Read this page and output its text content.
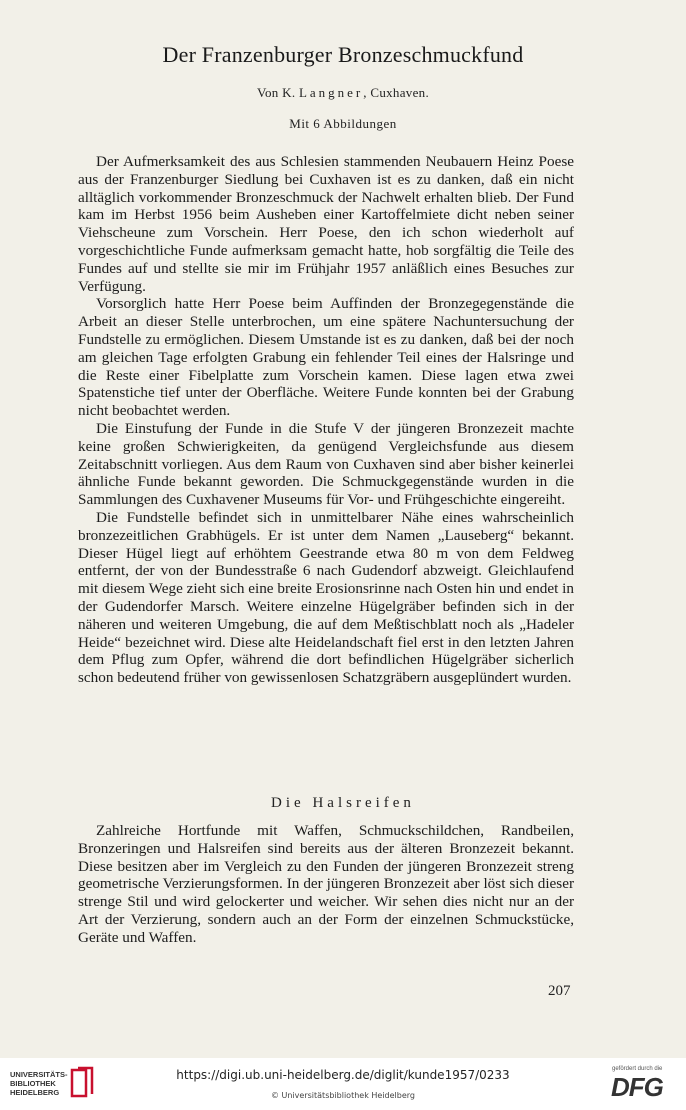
Der Franzenburger Bronzeschmuckfund
Von K. Langner, Cuxhaven.
Mit 6 Abbildungen

Der Aufmerksamkeit des aus Schlesien stammenden Neubauern Heinz Poese aus der Franzenburger Siedlung bei Cuxhaven ist es zu danken, daß ein nicht alltäglich vorkommender Bronzeschmuck der Nachwelt erhalten blieb. Der Fund kam im Herbst 1956 beim Ausheben einer Kartoffelmiete dicht neben seiner Viehscheune zum Vorschein. Herr Poese, den ich schon wiederholt auf vorgeschichtliche Funde aufmerksam gemacht hatte, hob sorgfältig die Teile des Fundes auf und stellte sie mir im Frühjahr 1957 anläßlich eines Besuches zur Verfügung.

Vorsorglich hatte Herr Poese beim Auffinden der Bronzegegenstände die Arbeit an dieser Stelle unterbrochen, um eine spätere Nachuntersuchung der Fundstelle zu ermöglichen. Diesem Umstande ist es zu danken, daß bei der noch am gleichen Tage erfolgten Grabung ein fehlender Teil eines der Halsringe und die Reste einer Fibelplatte zum Vorschein kamen. Diese lagen etwa zwei Spatenstiche tief unter der Oberfläche. Weitere Funde konnten bei der Grabung nicht beobachtet werden.

Die Einstufung der Funde in die Stufe V der jüngeren Bronzezeit machte keine großen Schwierigkeiten, da genügend Vergleichsfunde aus diesem Zeitabschnitt vorliegen. Aus dem Raum von Cuxhaven sind aber bisher keinerlei ähnliche Funde bekannt geworden. Die Schmuckgegenstände wurden in die Sammlungen des Cuxhavener Museums für Vor- und Frühgeschichte eingereiht.

Die Fundstelle befindet sich in unmittelbarer Nähe eines wahrscheinlich bronzezeitlichen Grabhügels. Er ist unter dem Namen „Lauseberg“ bekannt. Dieser Hügel liegt auf erhöhtem Geestrande etwa 80 m von dem Feldweg entfernt, der von der Bundesstraße 6 nach Gudendorf abzweigt. Gleichlaufend mit diesem Wege zieht sich eine breite Erosionsrinne nach Osten hin und endet in der Gudendorfer Marsch. Weitere einzelne Hügelgräber befinden sich in der näheren und weiteren Umgebung, die auf dem Meßtischblatt noch als „Hadeler Heide“ bezeichnet wird. Diese alte Heidelandschaft fiel erst in den letzten Jahren dem Pflug zum Opfer, während die dort befindlichen Hügelgräber sicherlich schon bedeutend früher von gewissenlosen Schatzgräbern ausgeplündert wurden.

Die Halsreifen

Zahlreiche Hortfunde mit Waffen, Schmuckschildchen, Randbeilen, Bronzeringen und Halsreifen sind bereits aus der älteren Bronzezeit bekannt. Diese besitzen aber im Vergleich zu den Funden der jüngeren Bronzezeit streng geometrische Verzierungsformen. In der jüngeren Bronzezeit aber löst sich dieser strenge Stil und wird gelockerter und weicher. Wir sehen dies nicht nur an der Art der Verzierung, sondern auch an der Form der einzelnen Schmuckstücke, Geräte und Waffen.

207
UNIVERSITÄTS-
BIBLIOTHEK
HEIDELBERG
https://digi.ub.uni-heidelberg.de/diglit/kunde1957/0233
© Universitätsbibliothek Heidelberg
gefördert durch die
DFG
